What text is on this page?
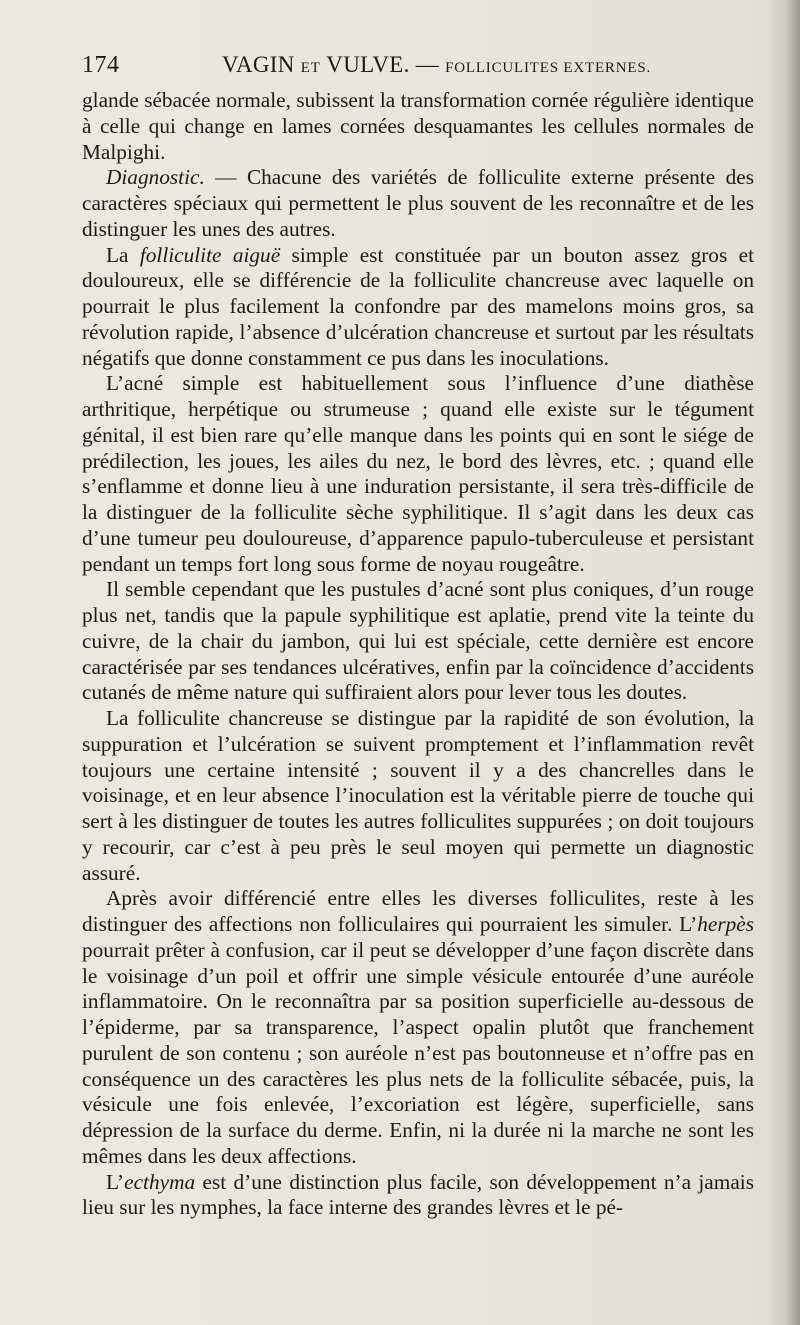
174	VAGIN ET VULVE. — FOLLICULITES EXTERNES.

glande sébacée normale, subissent la transformation cornée régulière identique à celle qui change en lames cornées desquamantes les cellules normales de Malpighi.

Diagnostic. — Chacune des variétés de folliculite externe présente des caractères spéciaux qui permettent le plus souvent de les reconnaître et de les distinguer les unes des autres.

La folliculite aiguë simple est constituée par un bouton assez gros et douloureux, elle se différencie de la folliculite chancreuse avec laquelle on pourrait le plus facilement la confondre par des mamelons moins gros, sa révolution rapide, l’absence d’ulcération chancreuse et surtout par les résultats négatifs que donne constamment ce pus dans les inoculations.

L’acné simple est habituellement sous l’influence d’une diathèse arthritique, herpétique ou strumeuse ; quand elle existe sur le tégument génital, il est bien rare qu’elle manque dans les points qui en sont le siége de prédilection, les joues, les ailes du nez, le bord des lèvres, etc. ; quand elle s’enflamme et donne lieu à une induration persistante, il sera très-difficile de la distinguer de la folliculite sèche syphilitique. Il s’agit dans les deux cas d’une tumeur peu douloureuse, d’apparence papulo-tuberculeuse et persistant pendant un temps fort long sous forme de noyau rougeâtre.

Il semble cependant que les pustules d’acné sont plus coniques, d’un rouge plus net, tandis que la papule syphilitique est aplatie, prend vite la teinte du cuivre, de la chair du jambon, qui lui est spéciale, cette dernière est encore caractérisée par ses tendances ulcératives, enfin par la coïncidence d’accidents cutanés de même nature qui suffiraient alors pour lever tous les doutes.

La folliculite chancreuse se distingue par la rapidité de son évolution, la suppuration et l’ulcération se suivent promptement et l’inflammation revêt toujours une certaine intensité ; souvent il y a des chancrelles dans le voisinage, et en leur absence l’inoculation est la véritable pierre de touche qui sert à les distinguer de toutes les autres folliculites suppurées ; on doit toujours y recourir, car c’est à peu près le seul moyen qui permette un diagnostic assuré.

Après avoir différencié entre elles les diverses folliculites, reste à les distinguer des affections non folliculaires qui pourraient les simuler. L’herpès pourrait prêter à confusion, car il peut se développer d’une façon discrète dans le voisinage d’un poil et offrir une simple vésicule entourée d’une auréole inflammatoire. On le reconnaîtra par sa position superficielle au-dessous de l’épiderme, par sa transparence, l’aspect opalin plutôt que franchement purulent de son contenu ; son auréole n’est pas boutonneuse et n’offre pas en conséquence un des caractères les plus nets de la folliculite sébacée, puis, la vésicule une fois enlevée, l’excoriation est légère, superficielle, sans dépression de la surface du derme. Enfin, ni la durée ni la marche ne sont les mêmes dans les deux affections.

L’ecthyma est d’une distinction plus facile, son développement n’a jamais lieu sur les nymphes, la face interne des grandes lèvres et le pé-
